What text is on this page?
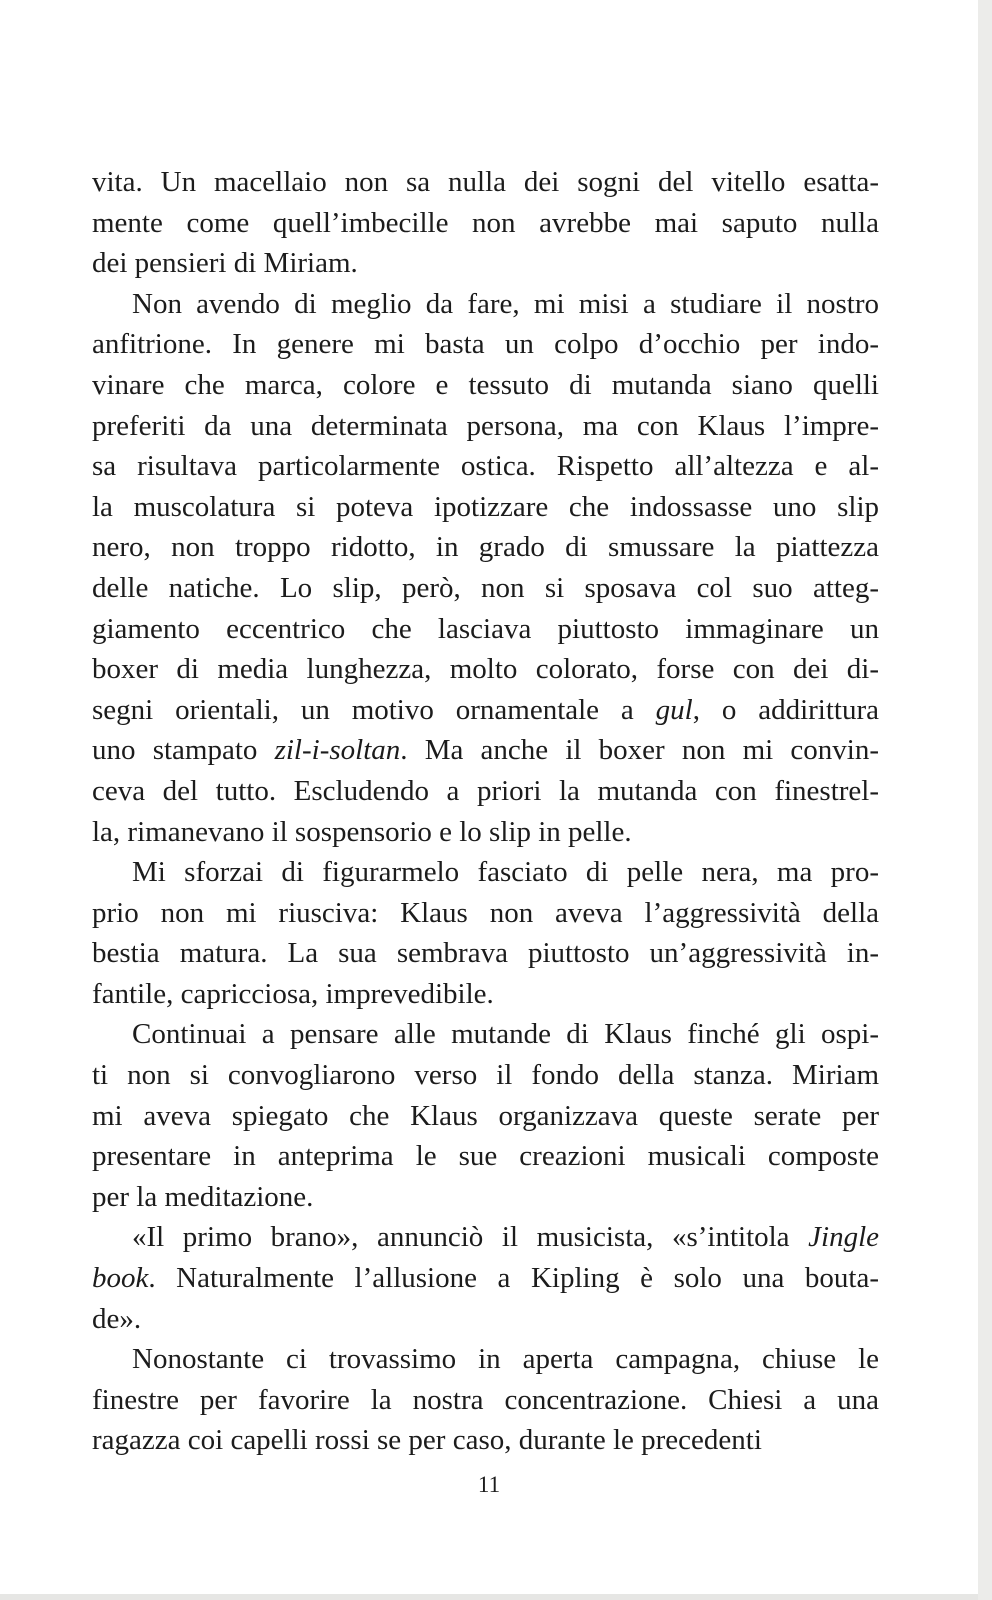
vita. Un macellaio non sa nulla dei sogni del vitello esatta-
mente come quell’imbecille non avrebbe mai saputo nulla
dei pensieri di Miriam.
Non avendo di meglio da fare, mi misi a studiare il nostro
anfitrione. In genere mi basta un colpo d’occhio per indo-
vinare che marca, colore e tessuto di mutanda siano quelli
preferiti da una determinata persona, ma con Klaus l’impre-
sa risultava particolarmente ostica. Rispetto all’altezza e al-
la muscolatura si poteva ipotizzare che indossasse uno slip
nero, non troppo ridotto, in grado di smussare la piattezza
delle natiche. Lo slip, però, non si sposava col suo atteg-
giamento eccentrico che lasciava piuttosto immaginare un
boxer di media lunghezza, molto colorato, forse con dei di-
segni orientali, un motivo ornamentale a gul, o addirittura
uno stampato zil-i-soltan. Ma anche il boxer non mi convin-
ceva del tutto. Escludendo a priori la mutanda con finestrel-
la, rimanevano il sospensorio e lo slip in pelle.
Mi sforzai di figurarmelo fasciato di pelle nera, ma pro-
prio non mi riusciva: Klaus non aveva l’aggressività della
bestia matura. La sua sembrava piuttosto un’aggressività in-
fantile, capricciosa, imprevedibile.
Continuai a pensare alle mutande di Klaus finché gli ospi-
ti non si convogliarono verso il fondo della stanza. Miriam
mi aveva spiegato che Klaus organizzava queste serate per
presentare in anteprima le sue creazioni musicali composte
per la meditazione.
«Il primo brano», annunciò il musicista, «s’intitola Jingle
book. Naturalmente l’allusione a Kipling è solo una bouta-
de».
Nonostante ci trovassimo in aperta campagna, chiuse le
finestre per favorire la nostra concentrazione. Chiesi a una
ragazza coi capelli rossi se per caso, durante le precedenti
11
